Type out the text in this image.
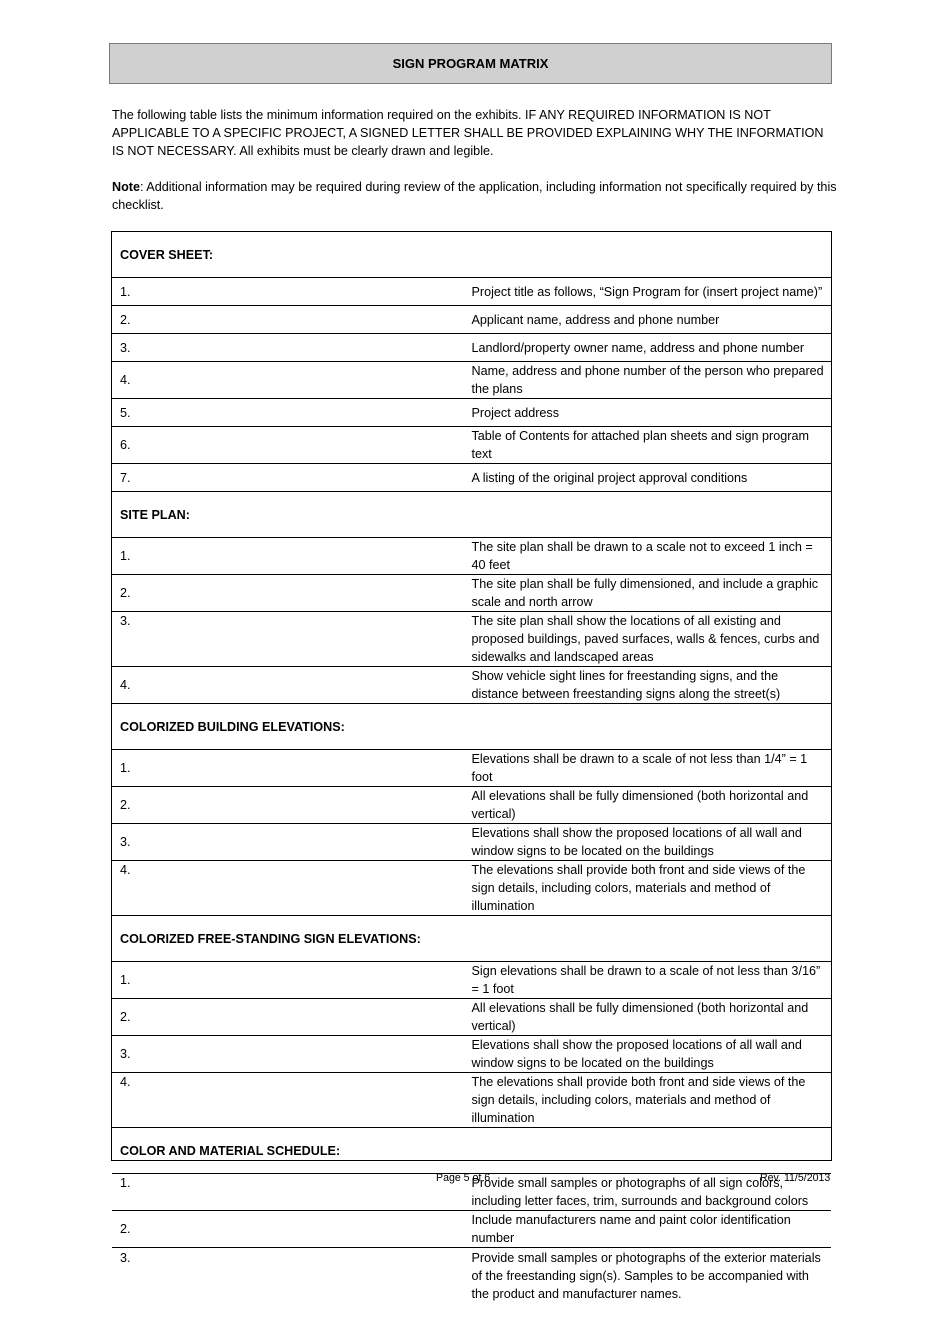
SIGN PROGRAM MATRIX

The following table lists the minimum information required on the exhibits. IF ANY REQUIRED INFORMATION IS NOT APPLICABLE TO A SPECIFIC PROJECT, A SIGNED LETTER SHALL BE PROVIDED EXPLAINING WHY THE INFORMATION IS NOT NECESSARY. All exhibits must be clearly drawn and legible.

Note: Additional information may be required during review of the application, including information not specifically required by this checklist.

COVER SHEET:	
1.	Project title as follows, “Sign Program for (insert project name)”
2.	Applicant name, address and phone number
3.	Landlord/property owner name, address and phone number
4.	Name, address and phone number of the person who prepared the plans
5.	Project address
6.	Table of Contents for attached plan sheets and sign program text
7.	A listing of the original project approval conditions
SITE PLAN:	
1.	The site plan shall be drawn to a scale not to exceed 1 inch = 40 feet
2.	The site plan shall be fully dimensioned, and include a graphic scale and north arrow
3.	The site plan shall show the locations of all existing and proposed buildings, paved surfaces, walls & fences, curbs and sidewalks and landscaped areas
4.	Show vehicle sight lines for freestanding signs, and the distance between freestanding signs along the street(s)
COLORIZED BUILDING ELEVATIONS:	
1.	Elevations shall be drawn to a scale of not less than 1/4” = 1 foot
2.	All elevations shall be fully dimensioned (both horizontal and vertical)
3.	Elevations shall show the proposed locations of all wall and window signs to be located on the buildings
4.	The elevations shall provide both front and side views of the sign details, including colors, materials and method of illumination
COLORIZED FREE-STANDING SIGN ELEVATIONS:	
1.	Sign elevations shall be drawn to a scale of not less than 3/16” = 1 foot
2.	All elevations shall be fully dimensioned (both horizontal and vertical)
3.	Elevations shall show the proposed locations of all wall and window signs to be located on the buildings
4.	The elevations shall provide both front and side views of the sign details, including colors, materials and method of illumination
COLOR AND MATERIAL SCHEDULE:	
1.	Provide small samples or photographs of all sign colors, including letter faces, trim, surrounds and background colors
2.	Include manufacturers name and paint color identification number
3.	Provide small samples or photographs of the exterior materials of the freestanding sign(s). Samples to be accompanied with the product and manufacturer names.
Page 5 of 6	Rev. 11/5/2013
